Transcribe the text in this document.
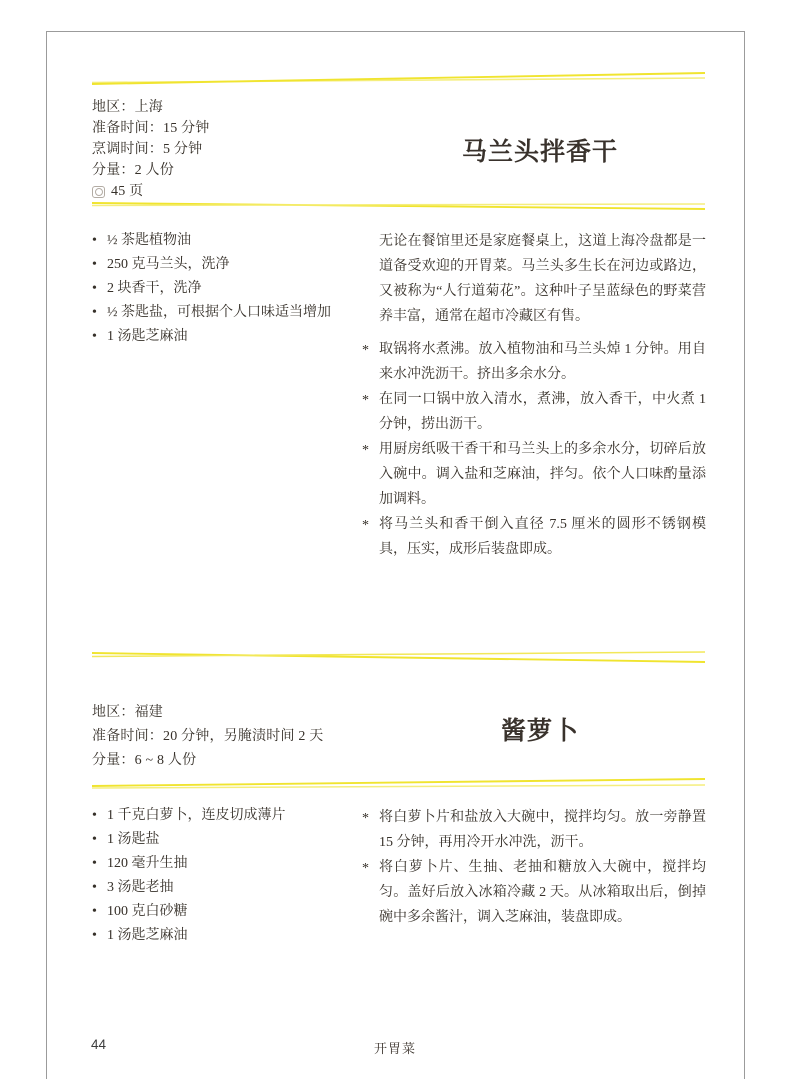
地区：上海
准备时间：15 分钟
烹调时间：5 分钟
分量：2 人份
45 页
马兰头拌香干
• ½ 茶匙植物油
• 250 克马兰头，洗净
• 2 块香干，洗净
• ½ 茶匙盐，可根据个人口味适当增加
• 1 汤匙芝麻油
无论在餐馆里还是家庭餐桌上，这道上海冷盘都是一道备受欢迎的开胃菜。马兰头多生长在河边或路边，又被称为“人行道菊花”。这种叶子呈蓝绿色的野菜营养丰富，通常在超市冷藏区有售。
* 取锅将水煮沸。放入植物油和马兰头焯 1 分钟。用自来水冲洗沥干。挤出多余水分。
* 在同一口锅中放入清水，煮沸，放入香干，中火煮 1 分钟，捞出沥干。
* 用厨房纸吸干香干和马兰头上的多余水分，切碎后放入碗中。调入盐和芝麻油，拌匀。依个人口味酌量添加调料。
* 将马兰头和香干倒入直径 7.5 厘米的圆形不锈钢模具，压实，成形后装盘即成。
地区：福建
准备时间：20 分钟，另腌渍时间 2 天
分量：6 ~ 8 人份
酱萝卜
• 1 千克白萝卜，连皮切成薄片
• 1 汤匙盐
• 120 毫升生抽
• 3 汤匙老抽
• 100 克白砂糖
• 1 汤匙芝麻油
* 将白萝卜片和盐放入大碗中，搅拌均匀。放一旁静置 15 分钟，再用冷开水冲洗，沥干。
* 将白萝卜片、生抽、老抽和糖放入大碗中，搅拌均匀。盖好后放入冰箱冷藏 2 天。从冰箱取出后，倒掉碗中多余酱汁，调入芝麻油，装盘即成。
44	开胃菜
